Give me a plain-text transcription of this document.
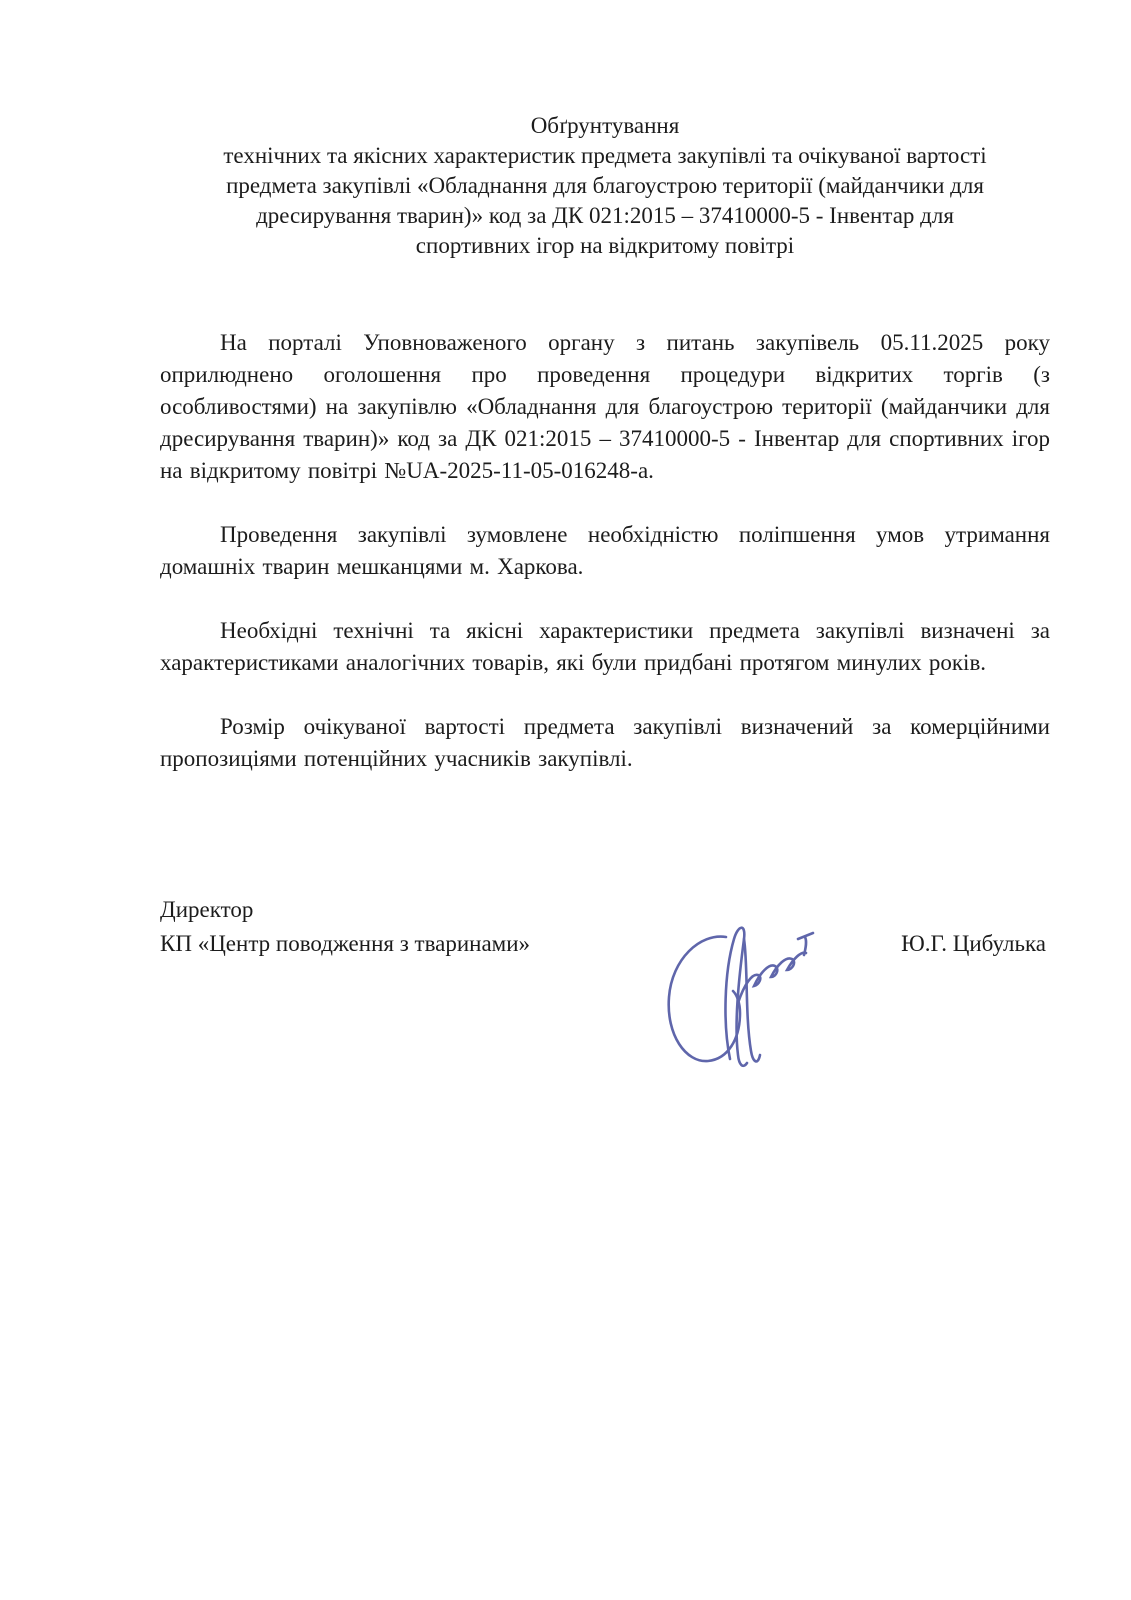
Обґрунтування
технічних та якісних характеристик предмета закупівлі та очікуваної вартості
предмета закупівлі «Обладнання для благоустрою території (майданчики для
дресирування тварин)» код за ДК 021:2015 – 37410000-5 - Інвентар для
спортивних ігор на відкритому повітрі

На порталі Уповноваженого органу з питань закупівель 05.11.2025 року оприлюднено оголошення про проведення процедури відкритих торгів (з особливостями) на закупівлю «Обладнання для благоустрою території (майданчики для дресирування тварин)» код за ДК 021:2015 – 37410000-5 - Інвентар для спортивних ігор на відкритому повітрі №UA-2025-11-05-016248-а.

Проведення закупівлі зумовлене необхідністю поліпшення умов утримання домашніх тварин мешканцями м. Харкова.

Необхідні технічні та якісні характеристики предмета закупівлі визначені за характеристиками аналогічних товарів, які були придбані протягом минулих років.

Розмір очікуваної вартості предмета закупівлі визначений за комерційними пропозиціями потенційних учасників закупівлі.

Директор
КП «Центр поводження з тваринами»	Ю.Г. Цибулька
